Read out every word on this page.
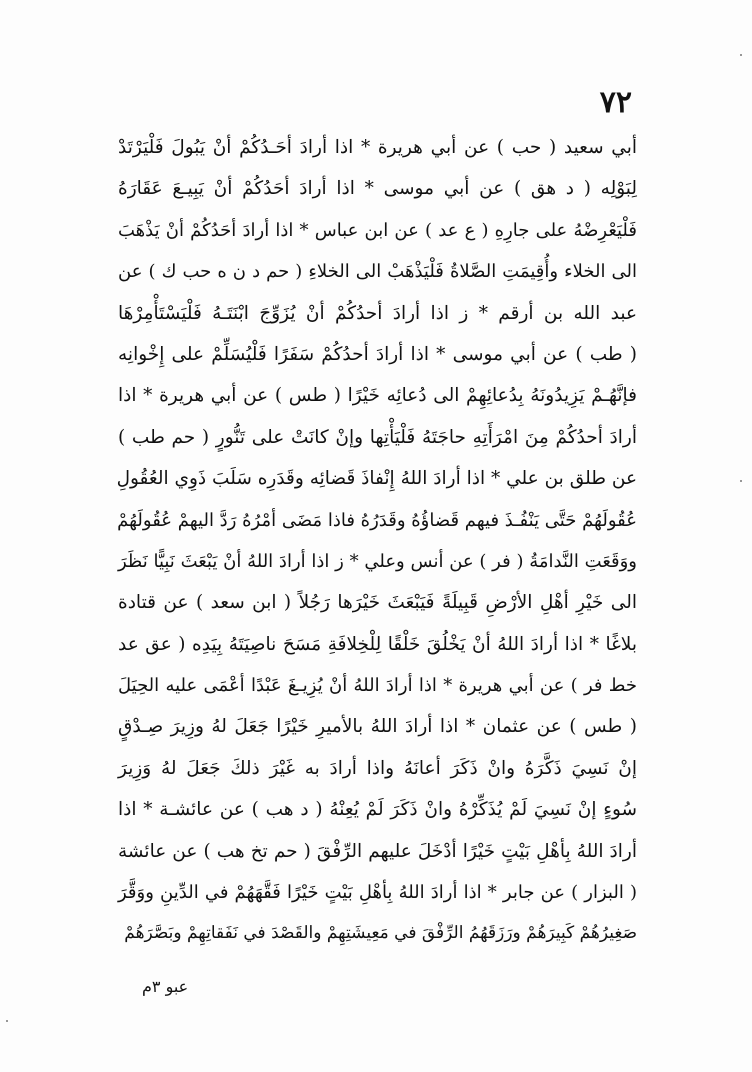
٧٢
أبي سعيد ( حب ) عن أبي هريرة * اذا أرادَ أحَـدُكُمْ أنْ يَبُولَ فَلْيَرْتَدْ
لِبَوْلِه ( د هق ) عن أبي موسى * اذا أرادَ أحَدُكُمْ أنْ يَبِيـعَ عَقَارَهُ
فَلْيَعْرِضْهُ على جارِهِ ( ع عد ) عن ابن عباس * اذا أرادَ أحَدُكُمْ أنْ يَذْهَبَ
الى الخلاء وأُقِيمَتِ الصَّلاةُ فَلْيَذْهَبْ الى الخلاءِ ( حم د ن ه حب ك ) عن
عبد الله بن أرقم * ز اذا أرادَ أحدُكُمْ أنْ يُزَوِّجَ ابْنَتَـهُ فَلْيَسْتَأْمِرْهَا
( طب ) عن أبي موسى * اذا أرادَ أحدُكُمْ سَفَرًا فَلْيُسَلِّمْ على إِخْوانِه
فإنَّهُـمْ يَزِيدُونَهُ بِدُعائِهِمْ الى دُعائِه خَيْرًا ( طس ) عن أبي هريرة * اذا
أرادَ أحدُكُمْ مِنَ امْرَأَتِهِ حاجَتَهُ فَلْيَأْتِها وإنْ كانَتْ على تَنُّورٍ ( حم طب )
عن طلق بن علي * اذا أرادَ اللهُ إِنْفاذَ قَضائِه وقَدَرِه سَلَبَ ذَوِي العُقُولِ
عُقُولَهُمْ حَتَّى يَنْفُـذَ فيهم قَضاؤُهُ وقَدَرُهُ فاذا مَضَى أمْرُهُ رَدَّ اليهمْ عُقُولَهُمْ
ووَقَعَتِ النَّدامَةُ ( فر ) عن أنس وعلي * ز اذا أرادَ اللهُ أنْ يَبْعَثَ نَبِيًّا نَظَرَ
الى خَيْرِ أهْلِ الأرْضِ قَبِيلَةً فَيَبْعَثَ خَيْرَها رَجُلاً ( ابن سعد ) عن قتادة
بلاغًا * اذا أرادَ اللهُ أنْ يَخْلُقَ خَلْقًا لِلْخِلافَةِ مَسَحَ ناصِيَتَهُ بِيَدِه ( عق عد
خط فر ) عن أبي هريرة * اذا أرادَ اللهُ أنْ يُزِيـغَ عَبْدًا أعْمَى عليه الحِيَلَ
( طس ) عن عثمان * اذا أرادَ اللهُ بالأميرِ خَيْرًا جَعَلَ لهُ وزِيرَ صِـدْقٍ
إنْ نَسِيَ ذَكَّرَهُ وانْ ذَكَرَ أعانَهُ واذا أرادَ به غَيْرَ ذلكَ جَعَلَ لهُ وَزِيرَ
سُوءٍ إنْ نَسِيَ لَمْ يُذَكِّرْهُ وانْ ذَكَرَ لَمْ يُعِنْهُ ( د هب ) عن عائشـة * اذا
أرادَ اللهُ بِأهْلِ بَيْتٍ خَيْرًا أدْخَلَ عليهم الرِّفْقَ ( حم تخ هب ) عن عائشة
( البزار ) عن جابر * اذا أرادَ اللهُ بِأهْلِ بَيْتٍ خَيْرًا فَقَّهَهُمْ في الدِّينِ ووَقَّرَ
صَغِيرُهُمْ كَبِيرَهُمْ ورَزَقَهُمُ الرِّفْقَ في مَعِيشَتِهِمْ والقَصْدَ في نَفَقاتِهِمْ وبَصَّرَهُمْ
عبو ٣م
